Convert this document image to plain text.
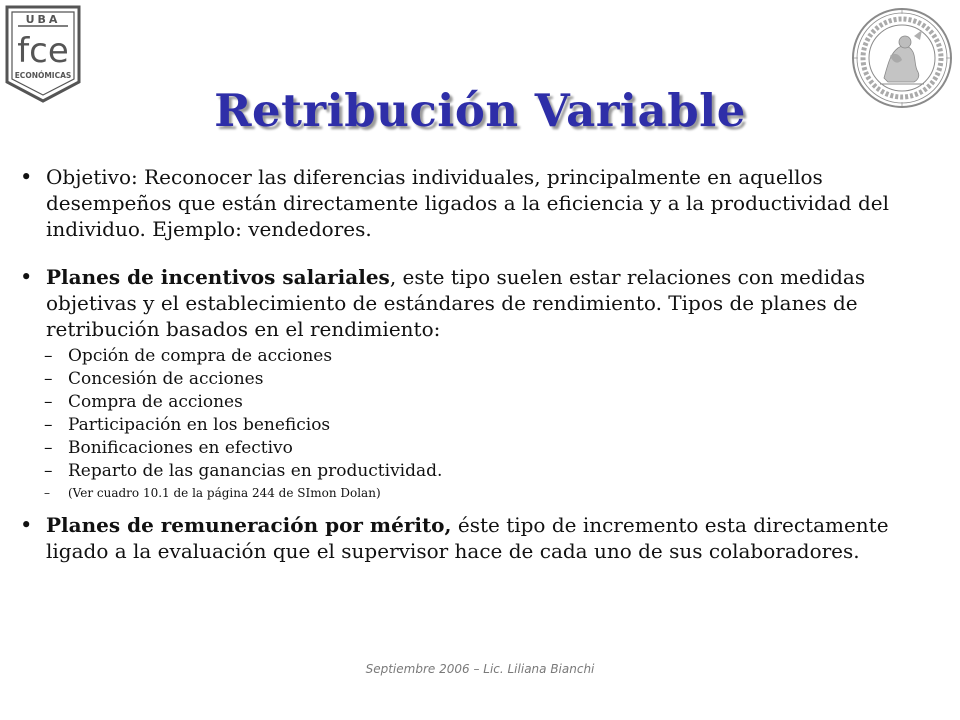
UBA
fce
ECONÓMICAS
Retribución Variable
• Objetivo: Reconocer las diferencias individuales, principalmente en aquellos desempeños que están directamente ligados a la eficiencia y a la productividad del individuo. Ejemplo: vendedores.
• Planes de incentivos salariales, este tipo suelen estar relaciones con medidas objetivas y el establecimiento de estándares de rendimiento. Tipos de planes de retribución basados en el rendimiento:
– Opción de compra de acciones
– Concesión de acciones
– Compra de acciones
– Participación en los beneficios
– Bonificaciones en efectivo
– Reparto de las ganancias en productividad.
– (Ver cuadro 10.1 de la página 244 de SImon Dolan)
• Planes de remuneración por mérito, éste tipo de incremento esta directamente ligado a la evaluación que el supervisor hace de cada uno de sus colaboradores.
Septiembre 2006 – Lic. Liliana Bianchi
